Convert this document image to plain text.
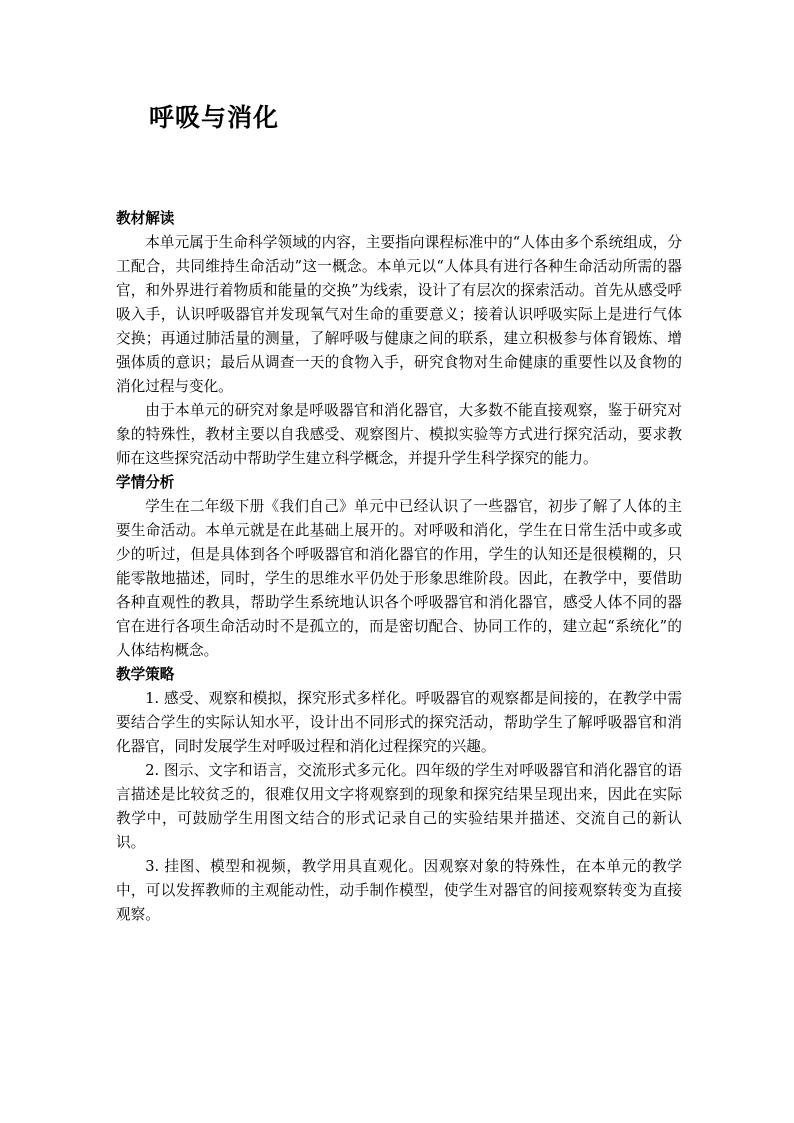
呼吸与消化
教材解读

本单元属于生命科学领域的内容，主要指向课程标准中的“人体由多个系统组成，分工配合，共同维持生命活动”这一概念。本单元以“人体具有进行各种生命活动所需的器官，和外界进行着物质和能量的交换”为线索，设计了有层次的探索活动。首先从感受呼吸入手，认识呼吸器官并发现氧气对生命的重要意义；接着认识呼吸实际上是进行气体交换；再通过肺活量的测量，了解呼吸与健康之间的联系，建立积极参与体育锻炼、增强体质的意识；最后从调查一天的食物入手，研究食物对生命健康的重要性以及食物的消化过程与变化。

由于本单元的研究对象是呼吸器官和消化器官，大多数不能直接观察，鉴于研究对象的特殊性，教材主要以自我感受、观察图片、模拟实验等方式进行探究活动，要求教师在这些探究活动中帮助学生建立科学概念，并提升学生科学探究的能力。

学情分析

学生在二年级下册《我们自己》单元中已经认识了一些器官，初步了解了人体的主要生命活动。本单元就是在此基础上展开的。对呼吸和消化，学生在日常生活中或多或少的听过，但是具体到各个呼吸器官和消化器官的作用，学生的认知还是很模糊的，只能零散地描述，同时，学生的思维水平仍处于形象思维阶段。因此，在教学中，要借助各种直观性的教具，帮助学生系统地认识各个呼吸器官和消化器官，感受人体不同的器官在进行各项生命活动时不是孤立的，而是密切配合、协同工作的，建立起“系统化”的人体结构概念。

教学策略

1. 感受、观察和模拟，探究形式多样化。呼吸器官的观察都是间接的，在教学中需要结合学生的实际认知水平，设计出不同形式的探究活动，帮助学生了解呼吸器官和消化器官，同时发展学生对呼吸过程和消化过程探究的兴趣。

2. 图示、文字和语言，交流形式多元化。四年级的学生对呼吸器官和消化器官的语言描述是比较贫乏的，很难仅用文字将观察到的现象和探究结果呈现出来，因此在实际教学中，可鼓励学生用图文结合的形式记录自己的实验结果并描述、交流自己的新认识。

3. 挂图、模型和视频，教学用具直观化。因观察对象的特殊性，在本单元的教学中，可以发挥教师的主观能动性，动手制作模型，使学生对器官的间接观察转变为直接观察。
